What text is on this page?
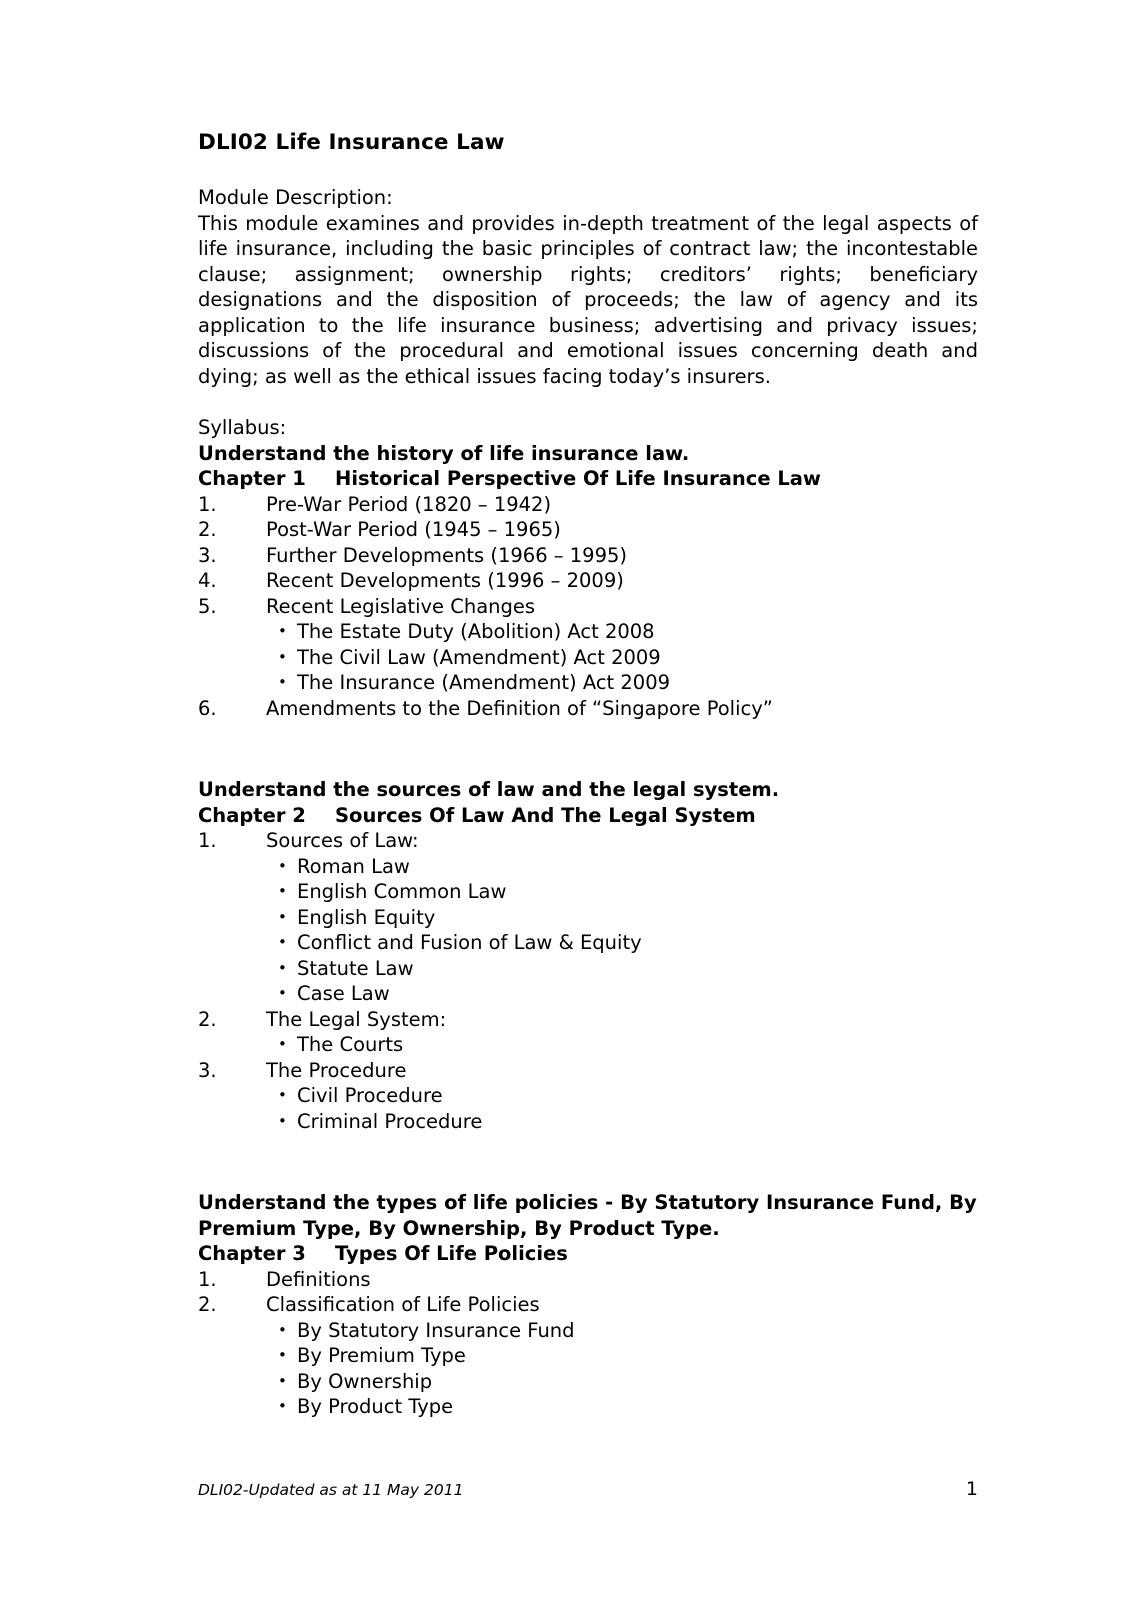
DLI02 Life Insurance Law

Module Description:

This module examines and provides in-depth treatment of the legal aspects of life insurance, including the basic principles of contract law; the incontestable clause; assignment; ownership rights; creditors’ rights; beneficiary designations and the disposition of proceeds; the law of agency and its application to the life insurance business; advertising and privacy issues; discussions of the procedural and emotional issues concerning death and dying; as well as the ethical issues facing today’s insurers.

Syllabus:

Understand the history of life insurance law.
Chapter 1	Historical Perspective Of Life Insurance Law
1.	Pre-War Period (1820 – 1942)
2.	Post-War Period (1945 – 1965)
3.	Further Developments (1966 – 1995)
4.	Recent Developments (1996 – 2009)
5.	Recent Legislative Changes
• The Estate Duty (Abolition) Act 2008
• The Civil Law (Amendment) Act 2009
• The Insurance (Amendment) Act 2009
6.	Amendments to the Definition of “Singapore Policy”
Understand the sources of law and the legal system.
Chapter 2	Sources Of Law And The Legal System
1.	Sources of Law:
• Roman Law
• English Common Law
• English Equity
• Conflict and Fusion of Law & Equity
• Statute Law
• Case Law
2.	The Legal System:
• The Courts
3.	The Procedure
• Civil Procedure
• Criminal Procedure
Understand the types of life policies - By Statutory Insurance Fund, By Premium Type, By Ownership, By Product Type.
Chapter 3	Types Of Life Policies
1.	Definitions
2.	Classification of Life Policies
• By Statutory Insurance Fund
• By Premium Type
• By Ownership
• By Product Type
DLI02-Updated as at 11 May 2011	1
